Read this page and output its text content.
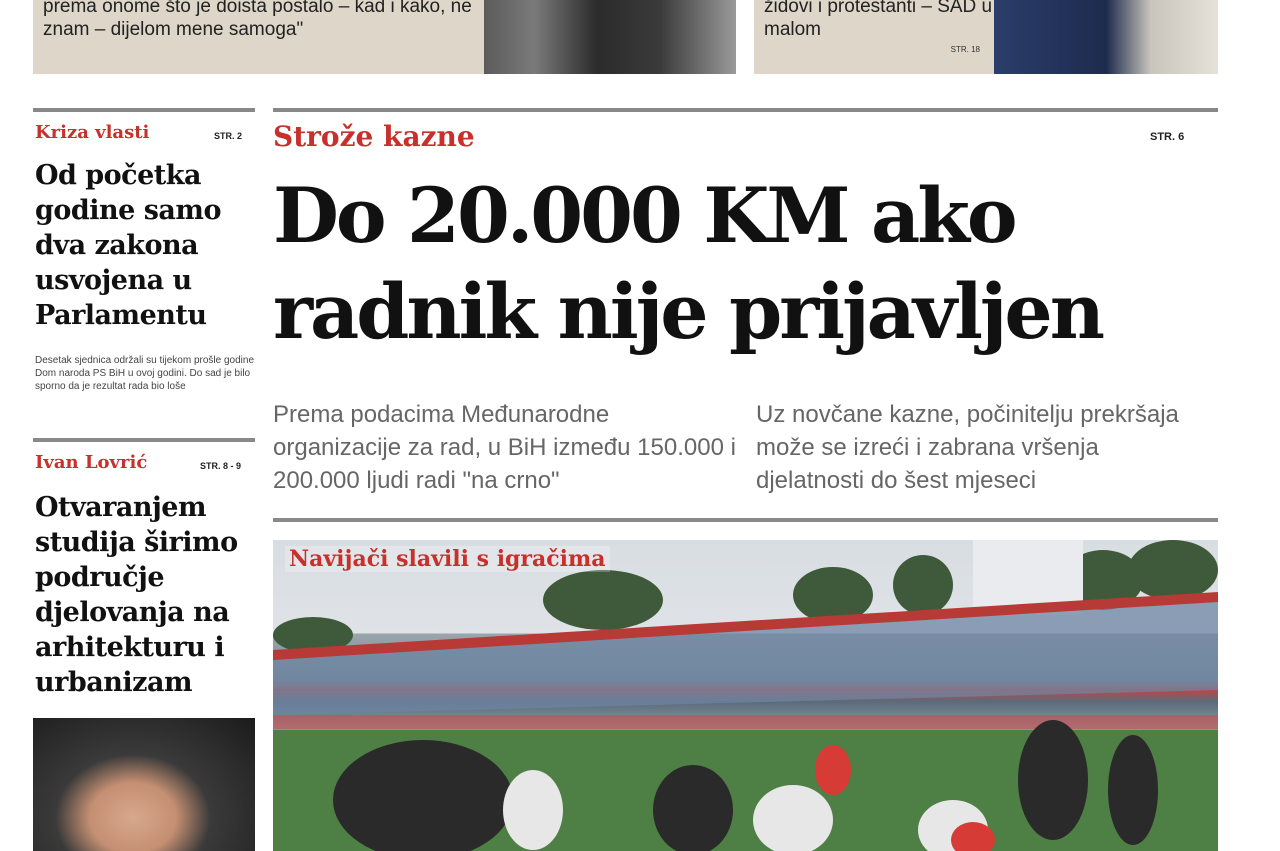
prema onome što je doista postalo – kad i kako, ne znam – dijelom mene samoga"
židovi i protestanti – SAD u malom
STR. 18
Kriza vlasti	STR. 2
Od početka godine samo dva zakona usvojena u Parlamentu
Desetak sjednica održali su tijekom prošle godine Dom naroda PS BiH u ovoj godini. Do sad je bilo sporno da je rezultat rada bio loše
Ivan Lovrić	STR. 8 - 9
Otvaranjem studija širimo područje djelovanja na arhitekturu i urbanizam
Strože kazne	STR. 6
Do 20.000 KM ako
radnik nije prijavljen
Prema podacima Međunarodne organizacije za rad, u BiH između 150.000 i 200.000 ljudi radi "na crno"
Uz novčane kazne, počinitelju prekršaja može se izreći i zabrana vršenja djelatnosti do šest mjeseci
Navijači slavili s igračima
